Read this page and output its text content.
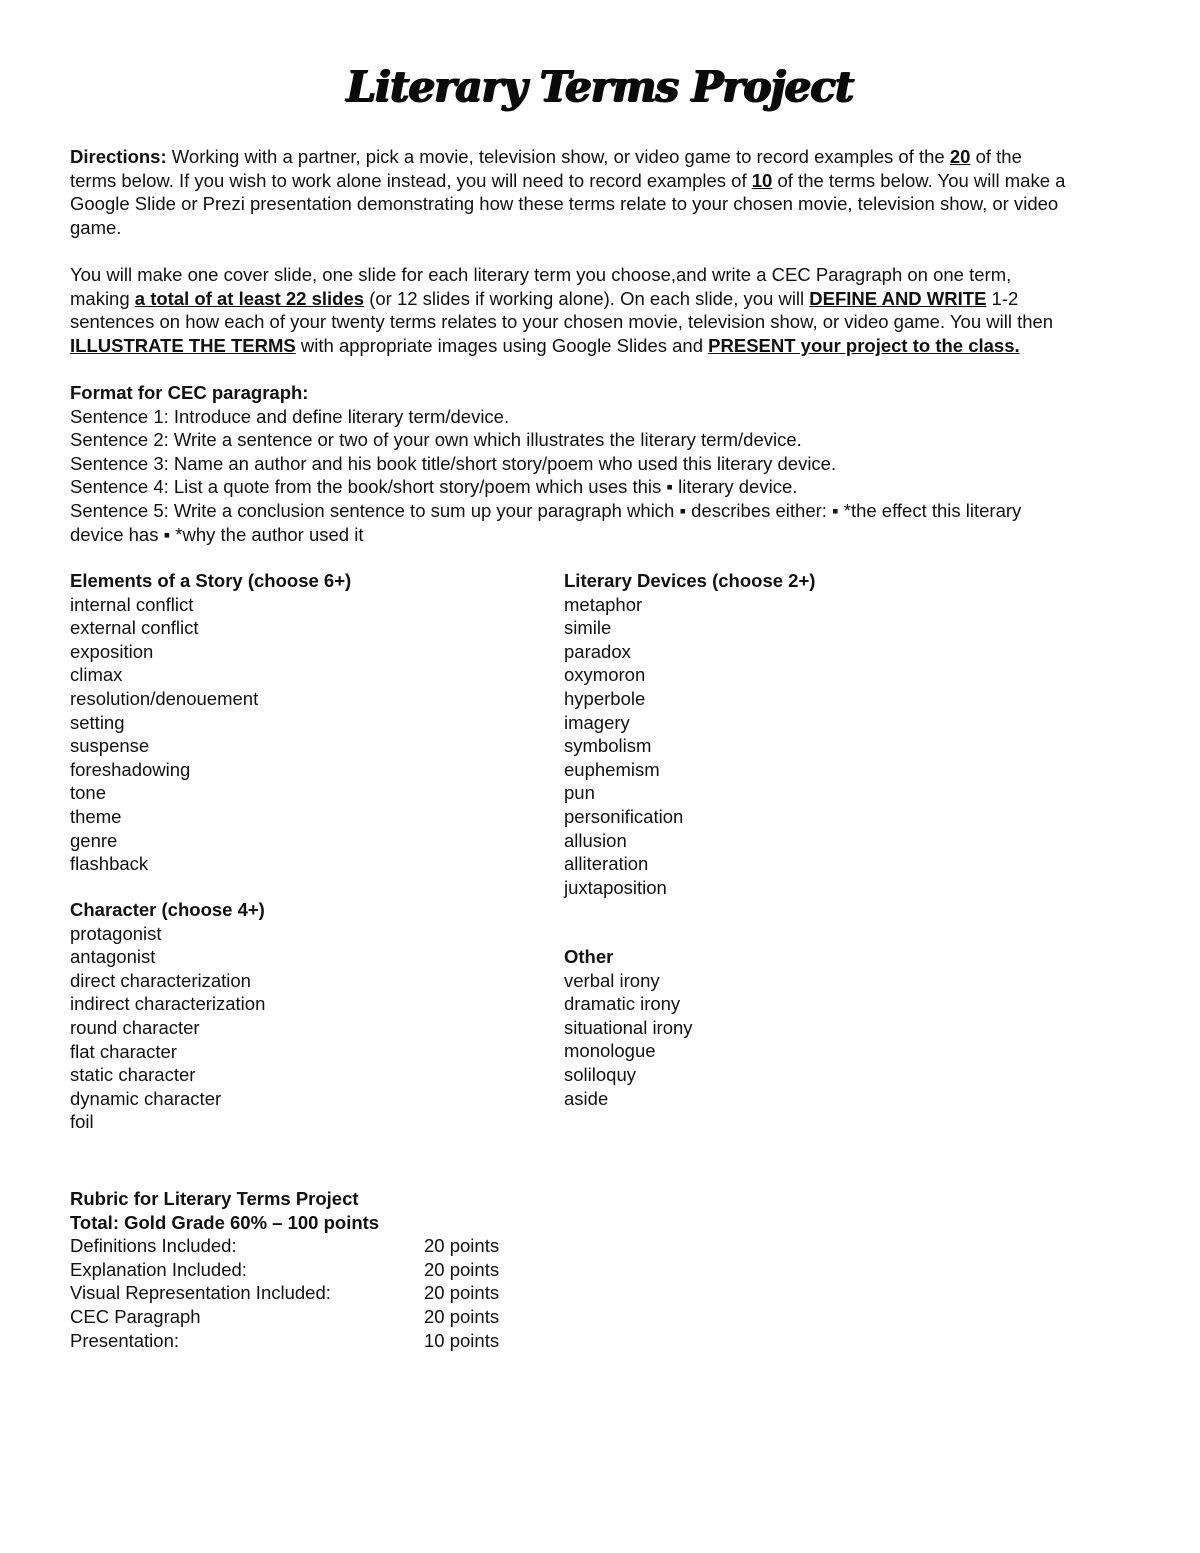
Literary Terms Project
Directions: Working with a partner, pick a movie, television show, or video game to record examples of the 20 of the
terms below. If you wish to work alone instead, you will need to record examples of 10 of the terms below. You will make a
Google Slide or Prezi presentation demonstrating how these terms relate to your chosen movie, television show, or video
game.
You will make one cover slide, one slide for each literary term you choose,and write a CEC Paragraph on one term,
making a total of at least 22 slides (or 12 slides if working alone). On each slide, you will DEFINE AND WRITE 1-2
sentences on how each of your twenty terms relates to your chosen movie, television show, or video game. You will then
ILLUSTRATE THE TERMS with appropriate images using Google Slides and PRESENT your project to the class.
Format for CEC paragraph:
Sentence 1: Introduce and define literary term/device.
Sentence 2: Write a sentence or two of your own which illustrates the literary term/device.
Sentence 3: Name an author and his book title/short story/poem who used this literary device.
Sentence 4: List a quote from the book/short story/poem which uses this ▪ literary device.
Sentence 5: Write a conclusion sentence to sum up your paragraph which ▪ describes either: ▪ *the effect this literary
device has ▪ *why the author used it
Elements of a Story (choose 6+)
internal conflict
external conflict
exposition
climax
resolution/denouement
setting
suspense
foreshadowing
tone
theme
genre
flashback
Literary Devices (choose 2+)
metaphor
simile
paradox
oxymoron
hyperbole
imagery
symbolism
euphemism
pun
personification
allusion
alliteration
juxtaposition
Character (choose 4+)
protagonist
antagonist
direct characterization
indirect characterization
round character
flat character
static character
dynamic character
foil
Other
verbal irony
dramatic irony
situational irony
monologue
soliloquy
aside
Rubric for Literary Terms Project
Total: Gold Grade 60% – 100 points
Definitions Included:	20 points
Explanation Included:	20 points
Visual Representation Included:	20 points
CEC Paragraph	20 points
Presentation:	10 points
